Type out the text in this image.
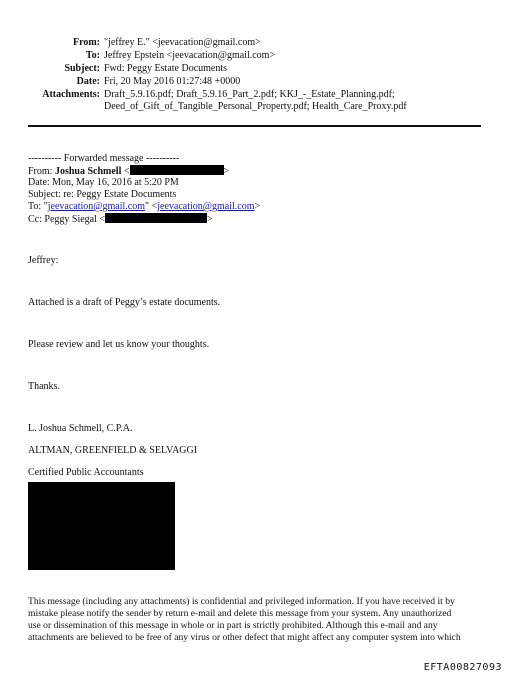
From: "jeffrey E." <jeevacation@gmail.com>
To: Jeffrey Epstein <jeevacation@gmail.com>
Subject: Fwd: Peggy Estate Documents
Date: Fri, 20 May 2016 01:27:48 +0000
Attachments: Draft_5.9.16.pdf; Draft_5.9.16_Part_2.pdf; KKJ_-_Estate_Planning.pdf;
Deed_of_Gift_of_Tangible_Personal_Property.pdf; Health_Care_Proxy.pdf
---------- Forwarded message ----------
From: Joshua Schmell <	>
Date: Mon, May 16, 2016 at 5:20 PM
Subject: re: Peggy Estate Documents
To: "jeevacation@gmail.com" <jeevacation@gmail.com>
Cc: Peggy Siegal <	>
Jeffrey:
Attached is a draft of Peggy’s estate documents.
Please review and let us know your thoughts.
Thanks.
L. Joshua Schmell, C.P.A.
ALTMAN, GREENFIELD & SELVAGGI
Certified Public Accountants
This message (including any attachments) is confidential and privileged information. If you have received it by
mistake please notify the sender by return e-mail and delete this message from your system. Any unauthorized
use or dissemination of this message in whole or in part is strictly prohibited. Although this e-mail and any
attachments are believed to be free of any virus or other defect that might affect any computer system into which
EFTA00827093
